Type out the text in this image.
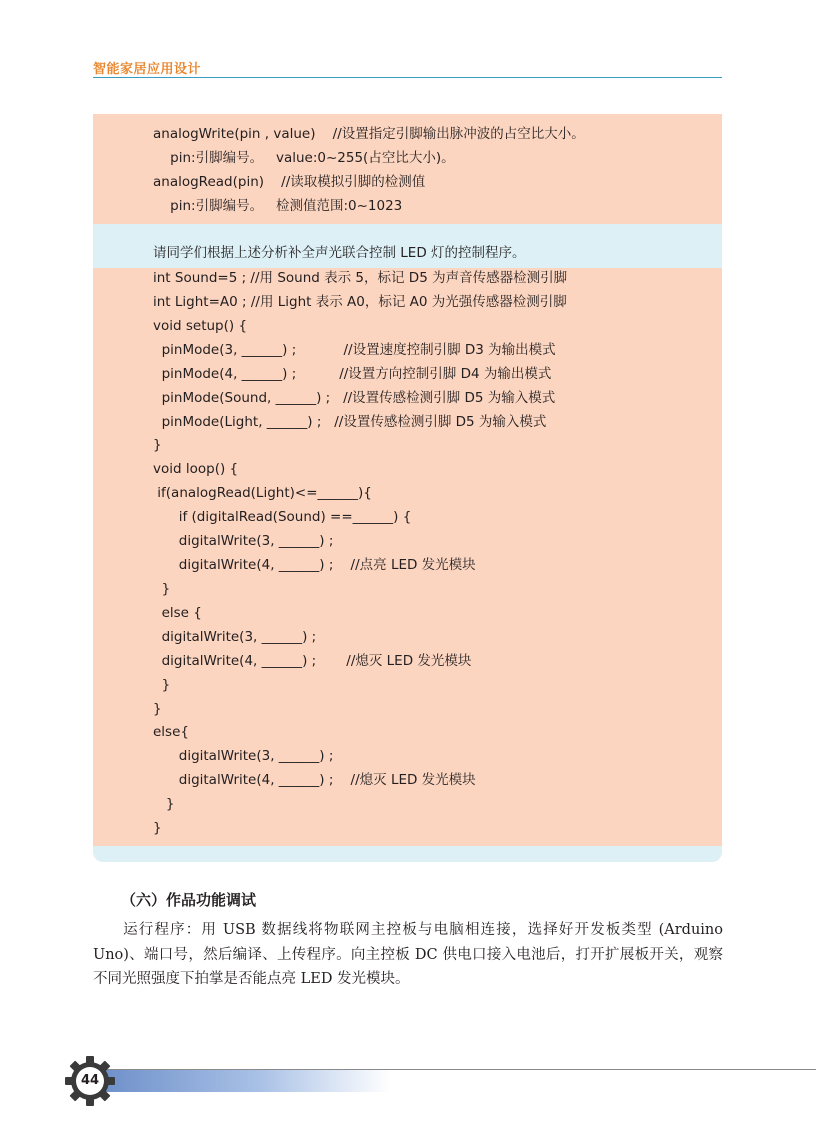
智能家居应用设计
analogWrite(pin , value)    //设置指定引脚输出脉冲波的占空比大小。
pin:引脚编号。   value:0~255(占空比大小)。
analogRead(pin)    //读取模拟引脚的检测值
pin:引脚编号。   检测值范围:0~1023
请同学们根据上述分析补全声光联合控制 LED 灯的控制程序。
int Sound=5 ; //用 Sound 表示 5，标记 D5 为声音传感器检测引脚
int Light=A0 ; //用 Light 表示 A0，标记 A0 为光强传感器检测引脚
void setup() {
pinMode(3, ______) ;           //设置速度控制引脚 D3 为输出模式
pinMode(4, ______) ;          //设置方向控制引脚 D4 为输出模式
pinMode(Sound, ______) ;   //设置传感检测引脚 D5 为输入模式
pinMode(Light, ______) ;   //设置传感检测引脚 D5 为输入模式
}
void loop() {
if(analogRead(Light)<=______){
if (digitalRead(Sound) ==______) {
digitalWrite(3, ______) ;
digitalWrite(4, ______) ;    //点亮 LED 发光模块
}
else {
digitalWrite(3, ______) ;
digitalWrite(4, ______) ;       //熄灭 LED 发光模块
}
}
else{
digitalWrite(3, ______) ;
digitalWrite(4, ______) ;    //熄灭 LED 发光模块
}
}
（六）作品功能调试
运行程序：用 USB 数据线将物联网主控板与电脑相连接，选择好开发板类型 (Arduino Uno)、端口号，然后编译、上传程序。向主控板 DC 供电口接入电池后，打开扩展板开关，观察不同光照强度下拍掌是否能点亮 LED 发光模块。
44
